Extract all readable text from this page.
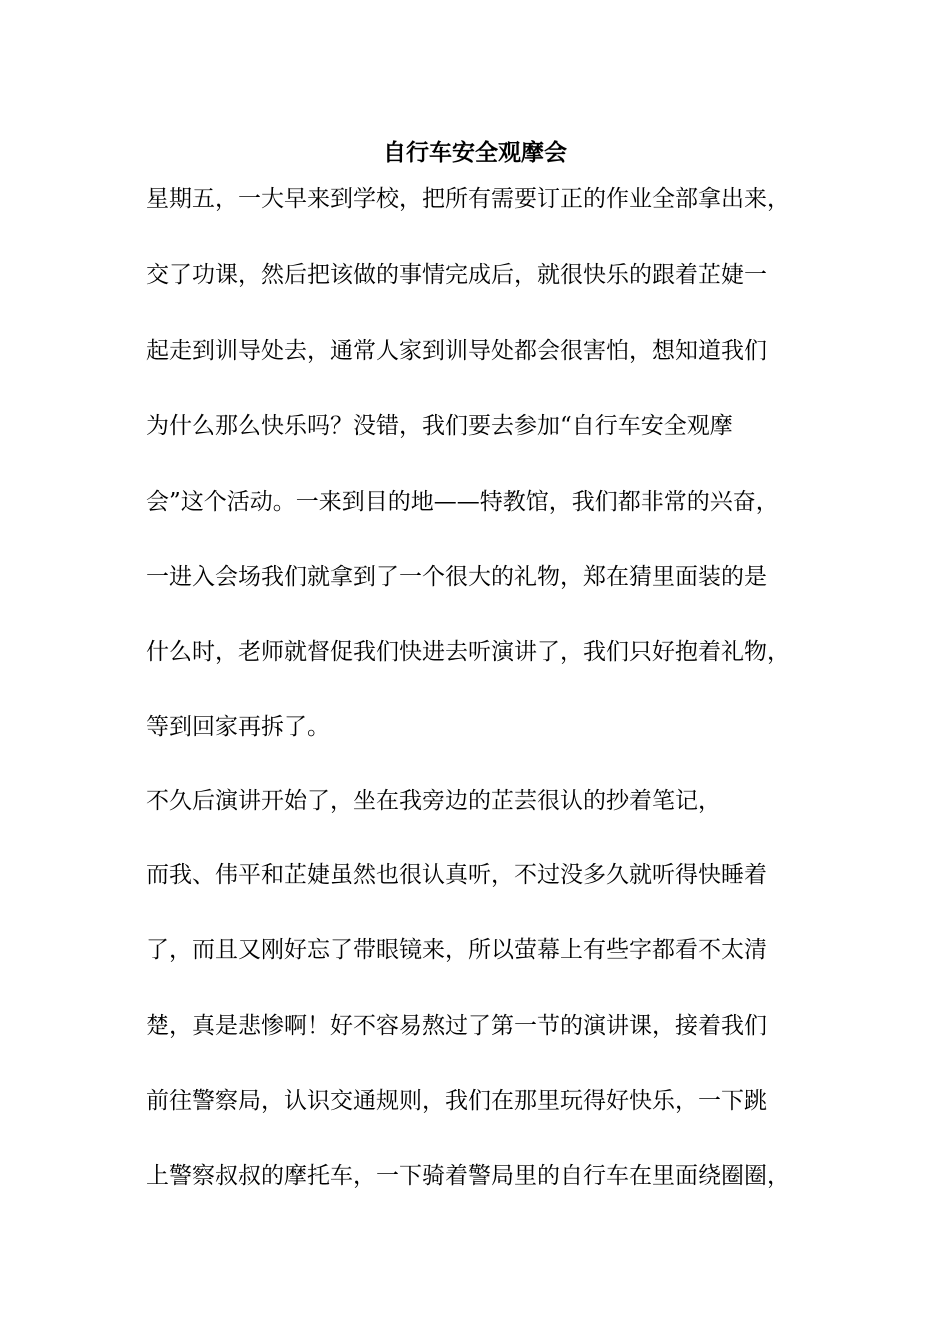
自行车安全观摩会

星期五，一大早来到学校，把所有需要订正的作业全部拿出来，

交了功课，然后把该做的事情完成后，就很快乐的跟着芷婕一

起走到训导处去，通常人家到训导处都会很害怕，想知道我们

为什么那么快乐吗？没错，我们要去参加“自行车安全观摩

会”这个活动。一来到目的地——特教馆，我们都非常的兴奋，

一进入会场我们就拿到了一个很大的礼物，郑在猜里面装的是

什么时，老师就督促我们快进去听演讲了，我们只好抱着礼物，

等到回家再拆了。

不久后演讲开始了，坐在我旁边的芷芸很认的抄着笔记，

而我、伟平和芷婕虽然也很认真听，不过没多久就听得快睡着

了，而且又刚好忘了带眼镜来，所以萤幕上有些字都看不太清

楚，真是悲惨啊！好不容易熬过了第一节的演讲课，接着我们

前往警察局，认识交通规则，我们在那里玩得好快乐，一下跳

上警察叔叔的摩托车，一下骑着警局里的自行车在里面绕圈圈，
